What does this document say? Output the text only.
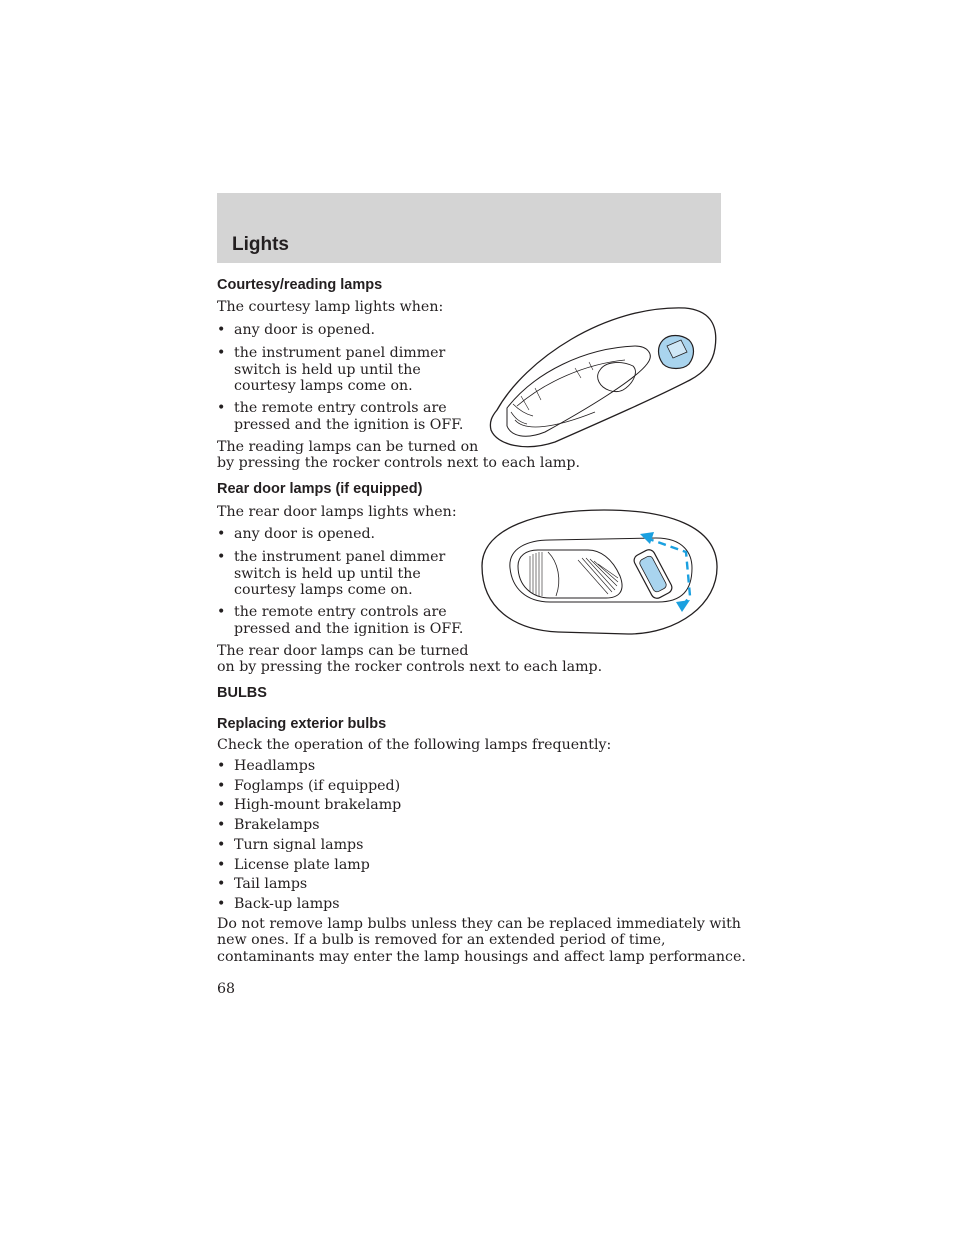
Lights
Courtesy/reading lamps
The courtesy lamp lights when:
• any door is opened.
• the instrument panel dimmer
switch is held up until the
courtesy lamps come on.
• the remote entry controls are
pressed and the ignition is OFF.
The reading lamps can be turned on
by pressing the rocker controls next to each lamp.
Rear door lamps (if equipped)
The rear door lamps lights when:
• any door is opened.
• the instrument panel dimmer
switch is held up until the
courtesy lamps come on.
• the remote entry controls are
pressed and the ignition is OFF.
The rear door lamps can be turned
on by pressing the rocker controls next to each lamp.
BULBS
Replacing exterior bulbs
Check the operation of the following lamps frequently:
• Headlamps
• Foglamps (if equipped)
• High-mount brakelamp
• Brakelamps
• Turn signal lamps
• License plate lamp
• Tail lamps
• Back-up lamps
Do not remove lamp bulbs unless they can be replaced immediately with
new ones. If a bulb is removed for an extended period of time,
contaminants may enter the lamp housings and affect lamp performance.
68
